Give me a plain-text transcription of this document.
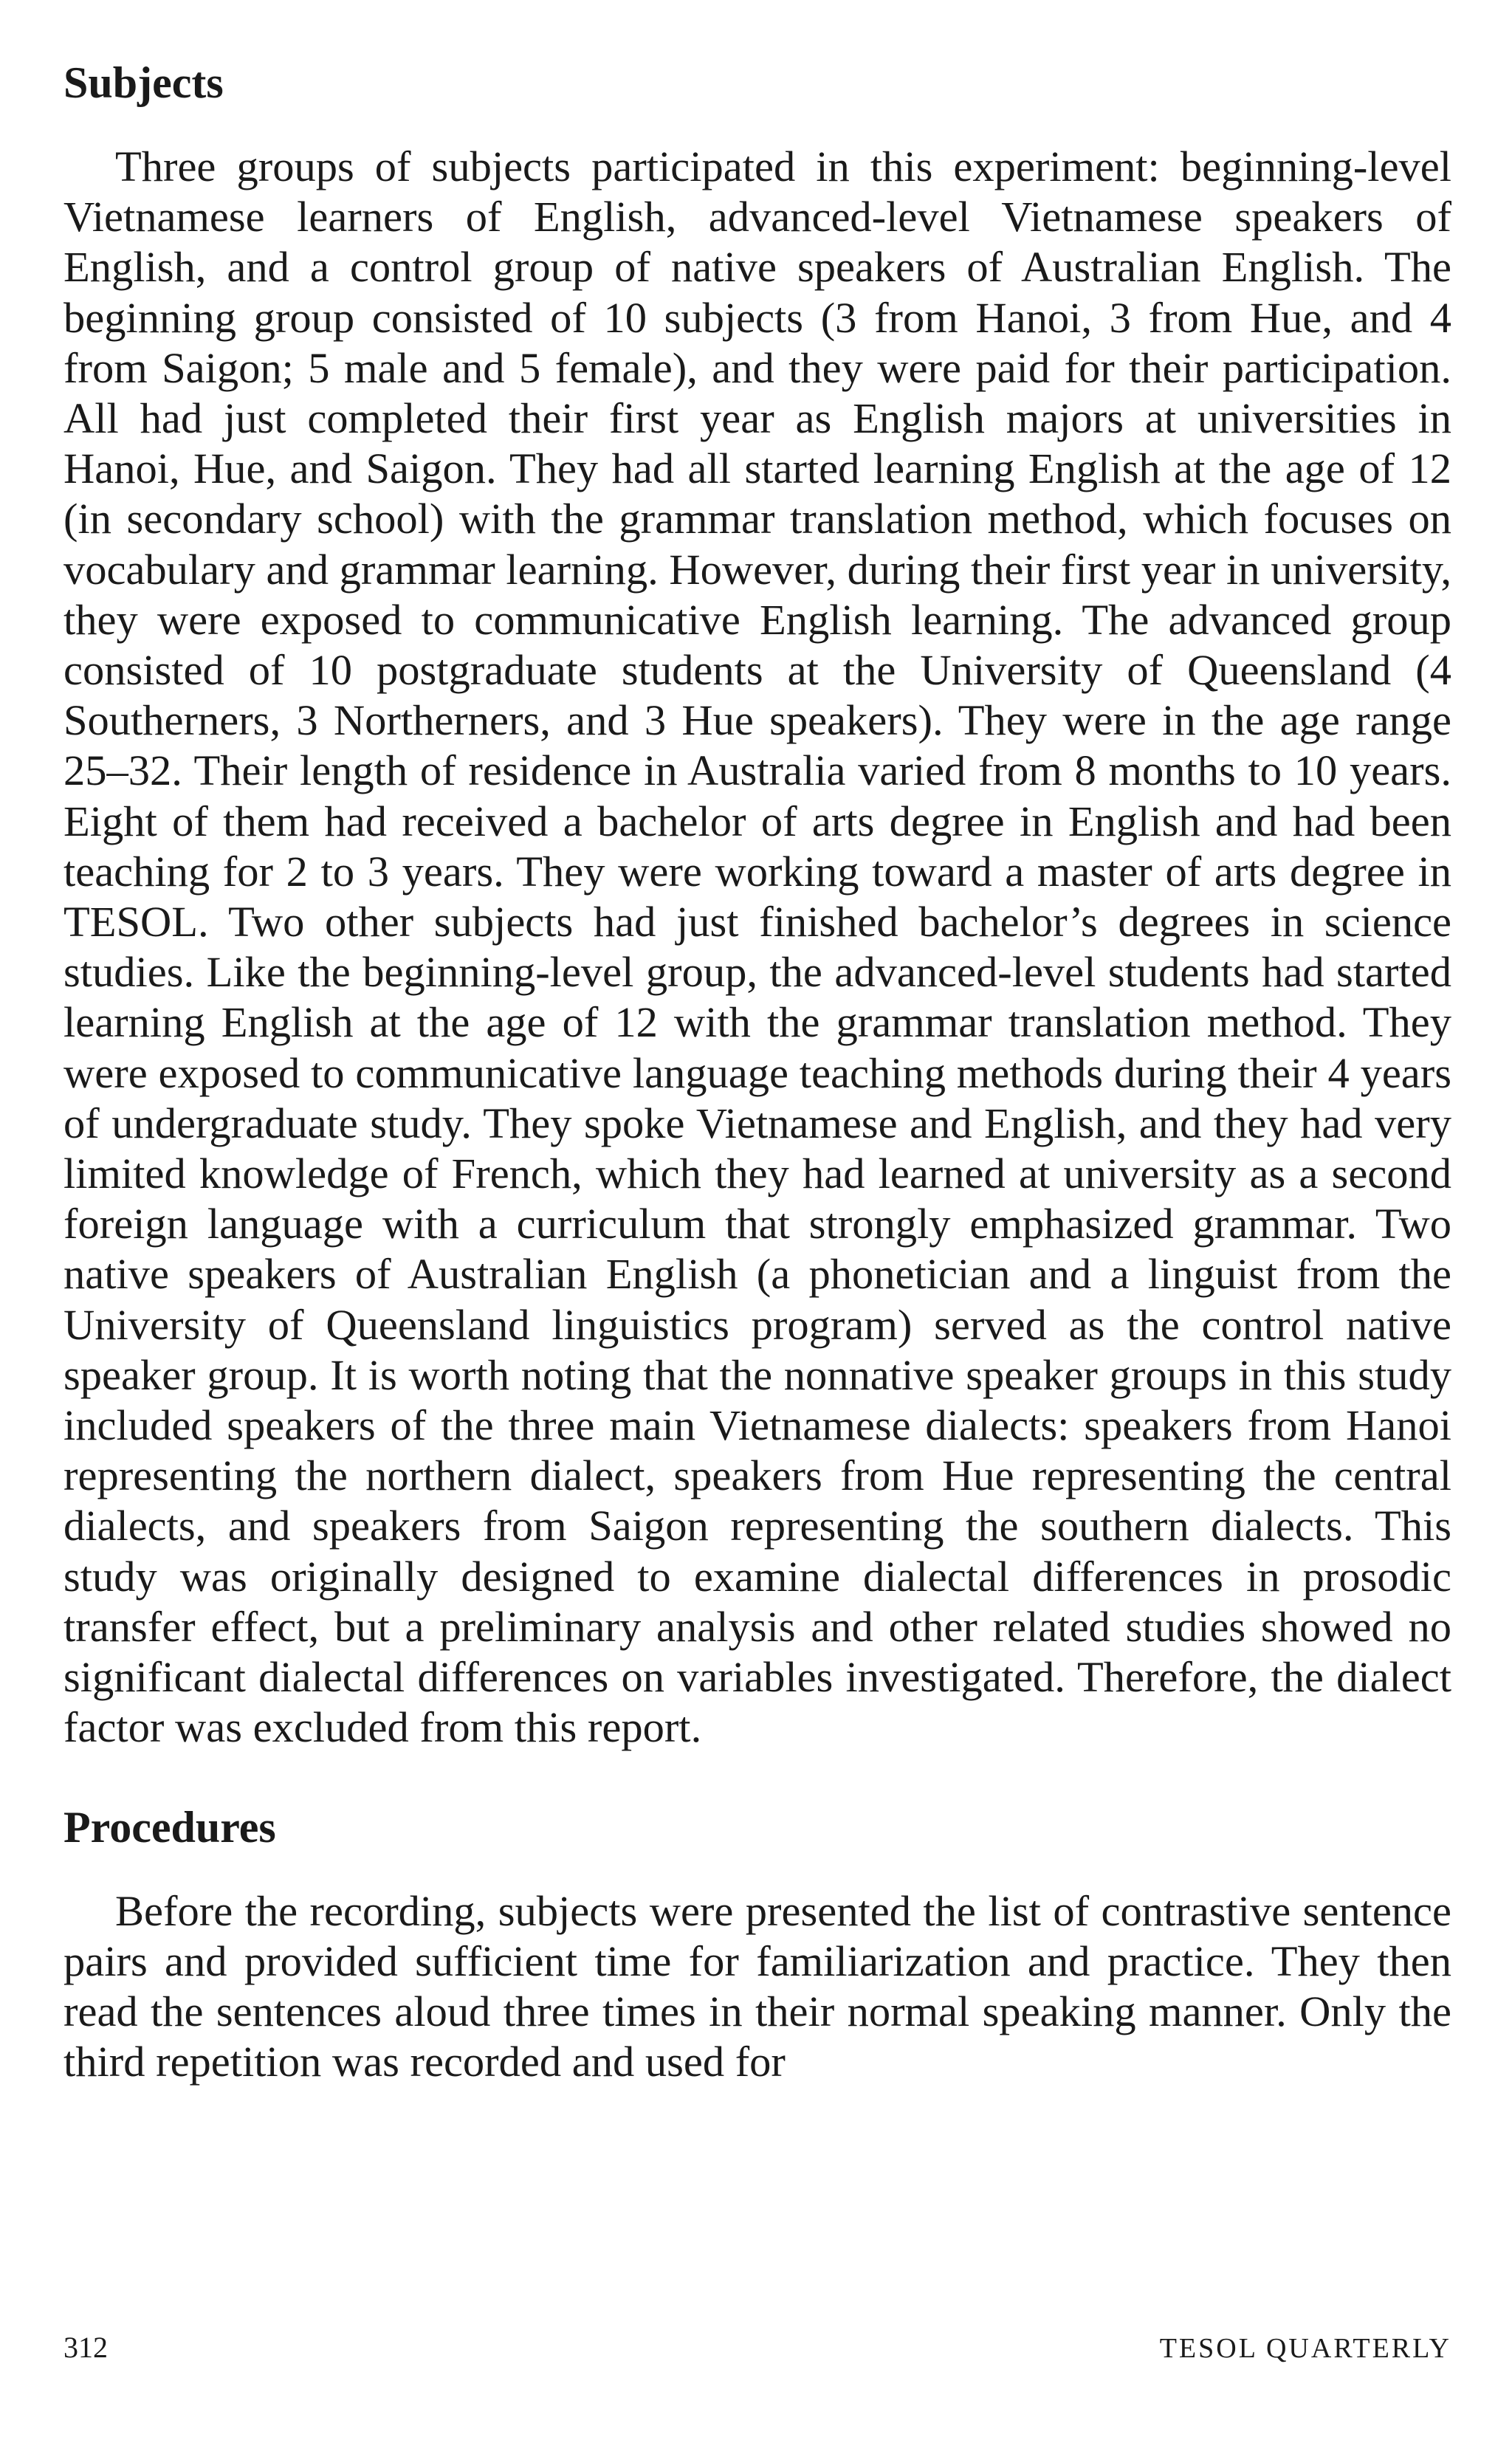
Subjects

Three groups of subjects participated in this experiment: beginning-level Vietnamese learners of English, advanced-level Vietnamese speakers of English, and a control group of native speakers of Australian English. The beginning group consisted of 10 subjects (3 from Hanoi, 3 from Hue, and 4 from Saigon; 5 male and 5 female), and they were paid for their participation. All had just completed their first year as English majors at universities in Hanoi, Hue, and Saigon. They had all started learning English at the age of 12 (in secondary school) with the grammar translation method, which focuses on vocabulary and grammar learning. However, during their first year in university, they were exposed to communicative English learning. The advanced group consisted of 10 postgraduate students at the University of Queensland (4 Southerners, 3 Northerners, and 3 Hue speakers). They were in the age range 25–32. Their length of residence in Australia varied from 8 months to 10 years. Eight of them had received a bachelor of arts degree in English and had been teaching for 2 to 3 years. They were working toward a master of arts degree in TESOL. Two other subjects had just finished bachelor’s degrees in science studies. Like the beginning-level group, the advanced-level students had started learning English at the age of 12 with the grammar translation method. They were exposed to communicative language teaching methods during their 4 years of undergraduate study. They spoke Vietnamese and English, and they had very limited knowledge of French, which they had learned at university as a second foreign language with a curriculum that strongly emphasized grammar. Two native speakers of Australian English (a phonetician and a linguist from the University of Queensland linguistics program) served as the control native speaker group. It is worth noting that the nonnative speaker groups in this study included speakers of the three main Vietnamese dialects: speakers from Hanoi representing the northern dialect, speakers from Hue representing the central dialects, and speakers from Saigon representing the southern dialects. This study was originally designed to examine dialectal differences in prosodic transfer effect, but a preliminary analysis and other related studies showed no significant dialectal differences on variables investigated. Therefore, the dialect factor was excluded from this report.

Procedures

Before the recording, subjects were presented the list of contrastive sentence pairs and provided sufficient time for familiarization and practice. They then read the sentences aloud three times in their normal speaking manner. Only the third repetition was recorded and used for

312	TESOL QUARTERLY
